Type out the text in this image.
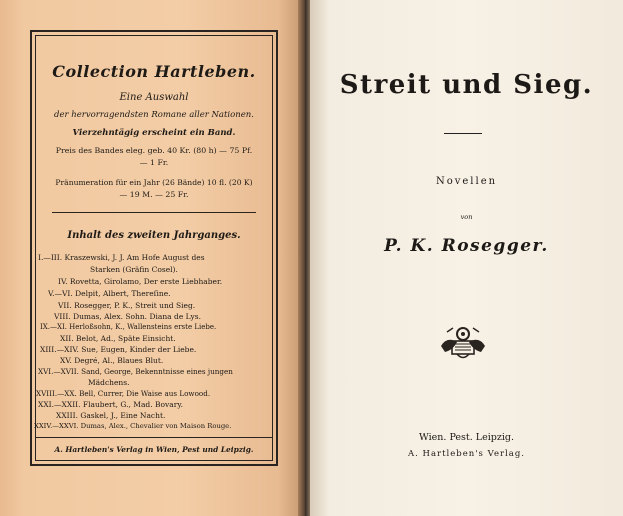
Collection Hartleben.
Eine Auswahl
der hervorragendsten Romane aller Nationen.
Vierzehntägig erscheint ein Band.
Preis des Bandes eleg. geb. 40 Kr. (80 h) — 75 Pf.
— 1 Fr.
Pränumeration für ein Jahr (26 Bände) 10 fl. (20 K)
— 19 M. — 25 Fr.
Inhalt des zweiten Jahrganges.
I.—III. Kraszewski, J. J. Am Hofe August des
Starken (Gräfin Cosel).
IV. Rovetta, Girolamo, Der erste Liebhaber.
V.—VI. Delpit, Albert, Thereſine.
VII. Rosegger, P. K., Streit und Sieg.
VIII. Dumas, Alex. Sohn. Diana de Lys.
IX.—XI. Herloßsohn, K., Wallensteins erste Liebe.
XII. Belot, Ad., Späte Einsicht.
XIII.—XIV. Sue, Eugen, Kinder der Liebe.
XV. Degré, Al., Blaues Blut.
XVI.—XVII. Sand, George, Bekenntnisse eines jungen
Mädchens.
XVIII.—XX. Bell, Currer, Die Waise aus Lowood.
XXI.—XXII. Flaubert, G., Mad. Bovary.
XXIII. Gaskel, J., Eine Nacht.
XXIV.—XXVI. Dumas, Alex., Chevalier von Maison Rouge.
A. Hartleben's Verlag in Wien, Pest und Leipzig.
Streit und Sieg.
Novellen
von
P. K. Rosegger.
Wien. Pest. Leipzig.
A. Hartleben's Verlag.
